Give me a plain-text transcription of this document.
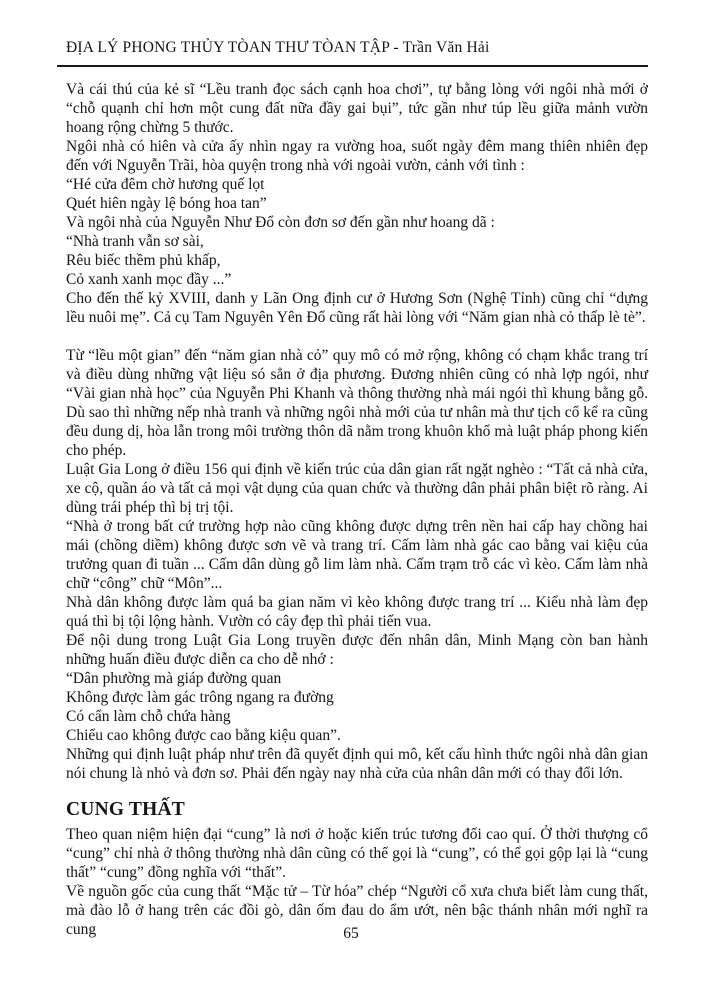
ĐỊA LÝ PHONG THỦY TÒAN THƯ TÒAN TẬP - Trần Văn Hải

Và cái thú của kẻ sĩ “Lều tranh đọc sách cạnh hoa chơi”, tự bằng lòng với ngôi nhà mới ở “chỗ quạnh chỉ hơn một cung đất nữa đầy gai bụi”, tức gần như túp lều giữa mảnh vườn hoang rộng chừng 5 thước.

Ngôi nhà có hiên và cửa ấy nhìn ngay ra vường hoa, suốt ngày đêm mang thiên nhiên đẹp đến với Nguyễn Trãi, hòa quyện trong nhà với ngoài vườn, cảnh với tình :

“Hé cửa đêm chờ hương quế lọt

Quét hiên ngày lệ bóng hoa tan”

Và ngôi nhà của Nguyễn Như Đổ còn đơn sơ đến gần như hoang dã :

“Nhà tranh vẫn sơ sài,

Rêu biếc thềm phủ khấp,

Cỏ xanh xanh mọc đầy ...”

Cho đến thế kỷ XVIII, danh y Lãn Ong định cư ở Hương Sơn (Nghệ Tỉnh) cũng chỉ “dựng lều nuôi mẹ”. Cả cụ Tam Nguyên Yên Đổ cũng rất hài lòng với “Năm gian nhà cỏ thấp lè tè”.

Từ “lều một gian” đến “năm gian nhà cỏ” quy mô có mở rộng, không có chạm khắc trang trí và điều dùng những vật liệu só sẳn ở địa phương. Đương nhiên cũng có nhà lợp ngói, như “Vài gian nhà học” của Nguyễn Phi Khanh và thông thường nhà mái ngói thì khung bằng gỗ. Dù sao thì những nếp nhà tranh và những ngôi nhà mới của tư nhân mà thư tịch cổ kể ra cũng đều dung dị, hòa lẫn trong môi trường thôn dã nằm trong khuôn khổ mà luật pháp phong kiến cho phép.

Luật Gia Long ở điều 156 qui định về kiến trúc của dân gian rất ngặt nghèo : “Tất cả nhà cửa, xe cộ, quần áo và tất cả mọi vật dụng của quan chức và thường dân phải phân biệt rõ ràng. Ai dùng trái phép thì bị trị tội.

“Nhà ở trong bất cứ trường hợp nào cũng không được dựng trên nền hai cấp hay chồng hai mái (chồng diềm) không được sơn vẽ và trang trí. Cấm làm nhà gác cao bằng vai kiệu của trưởng quan đi tuần ... Cấm dân dùng gỗ lim làm nhà. Cấm trạm trỗ các vì kèo. Cấm làm nhà chữ “công” chữ “Môn”...

Nhà dân không được làm quá ba gian năm vì kèo không được trang trí ... Kiểu nhà làm đẹp quá thì bị tội lộng hành. Vườn có cây đẹp thì phải tiến vua.

Để nội dung trong Luật Gia Long truyền được đến nhân dân, Minh Mạng còn ban hành những huấn điều được diễn ca cho dễ nhớ :

“Dân phường mà giáp đường quan

Không được làm gác trông ngang ra đường

Có cẩn làm chỗ chứa hàng

Chiểu cao không được cao bằng kiệu quan”.

Những qui định luật pháp như trên đã quyết định qui mô, kết cấu hình thức ngôi nhà dân gian nói chung là nhỏ và đơn sơ. Phải đến ngày nay nhà cửa của nhân dân mới có thay đổi lớn.

CUNG THẤT

Theo quan niệm hiện đại “cung” là nơi ở hoặc kiến trúc tương đối cao quí. Ở thời thượng cổ “cung” chỉ nhà ở thông thường nhà dân cũng có thể gọi là “cung”, có thể gọi gộp lại là “cung thất” “cung” đồng nghĩa với “thất”.

Về nguồn gốc của cung thất “Mặc tử – Từ hóa” chép “Người cổ xưa chưa biết làm cung thất, mà đào lỗ ở hang trên các đồi gò, dân ốm đau do ẩm ướt, nên bậc thánh nhân mới nghĩ ra cung	65
